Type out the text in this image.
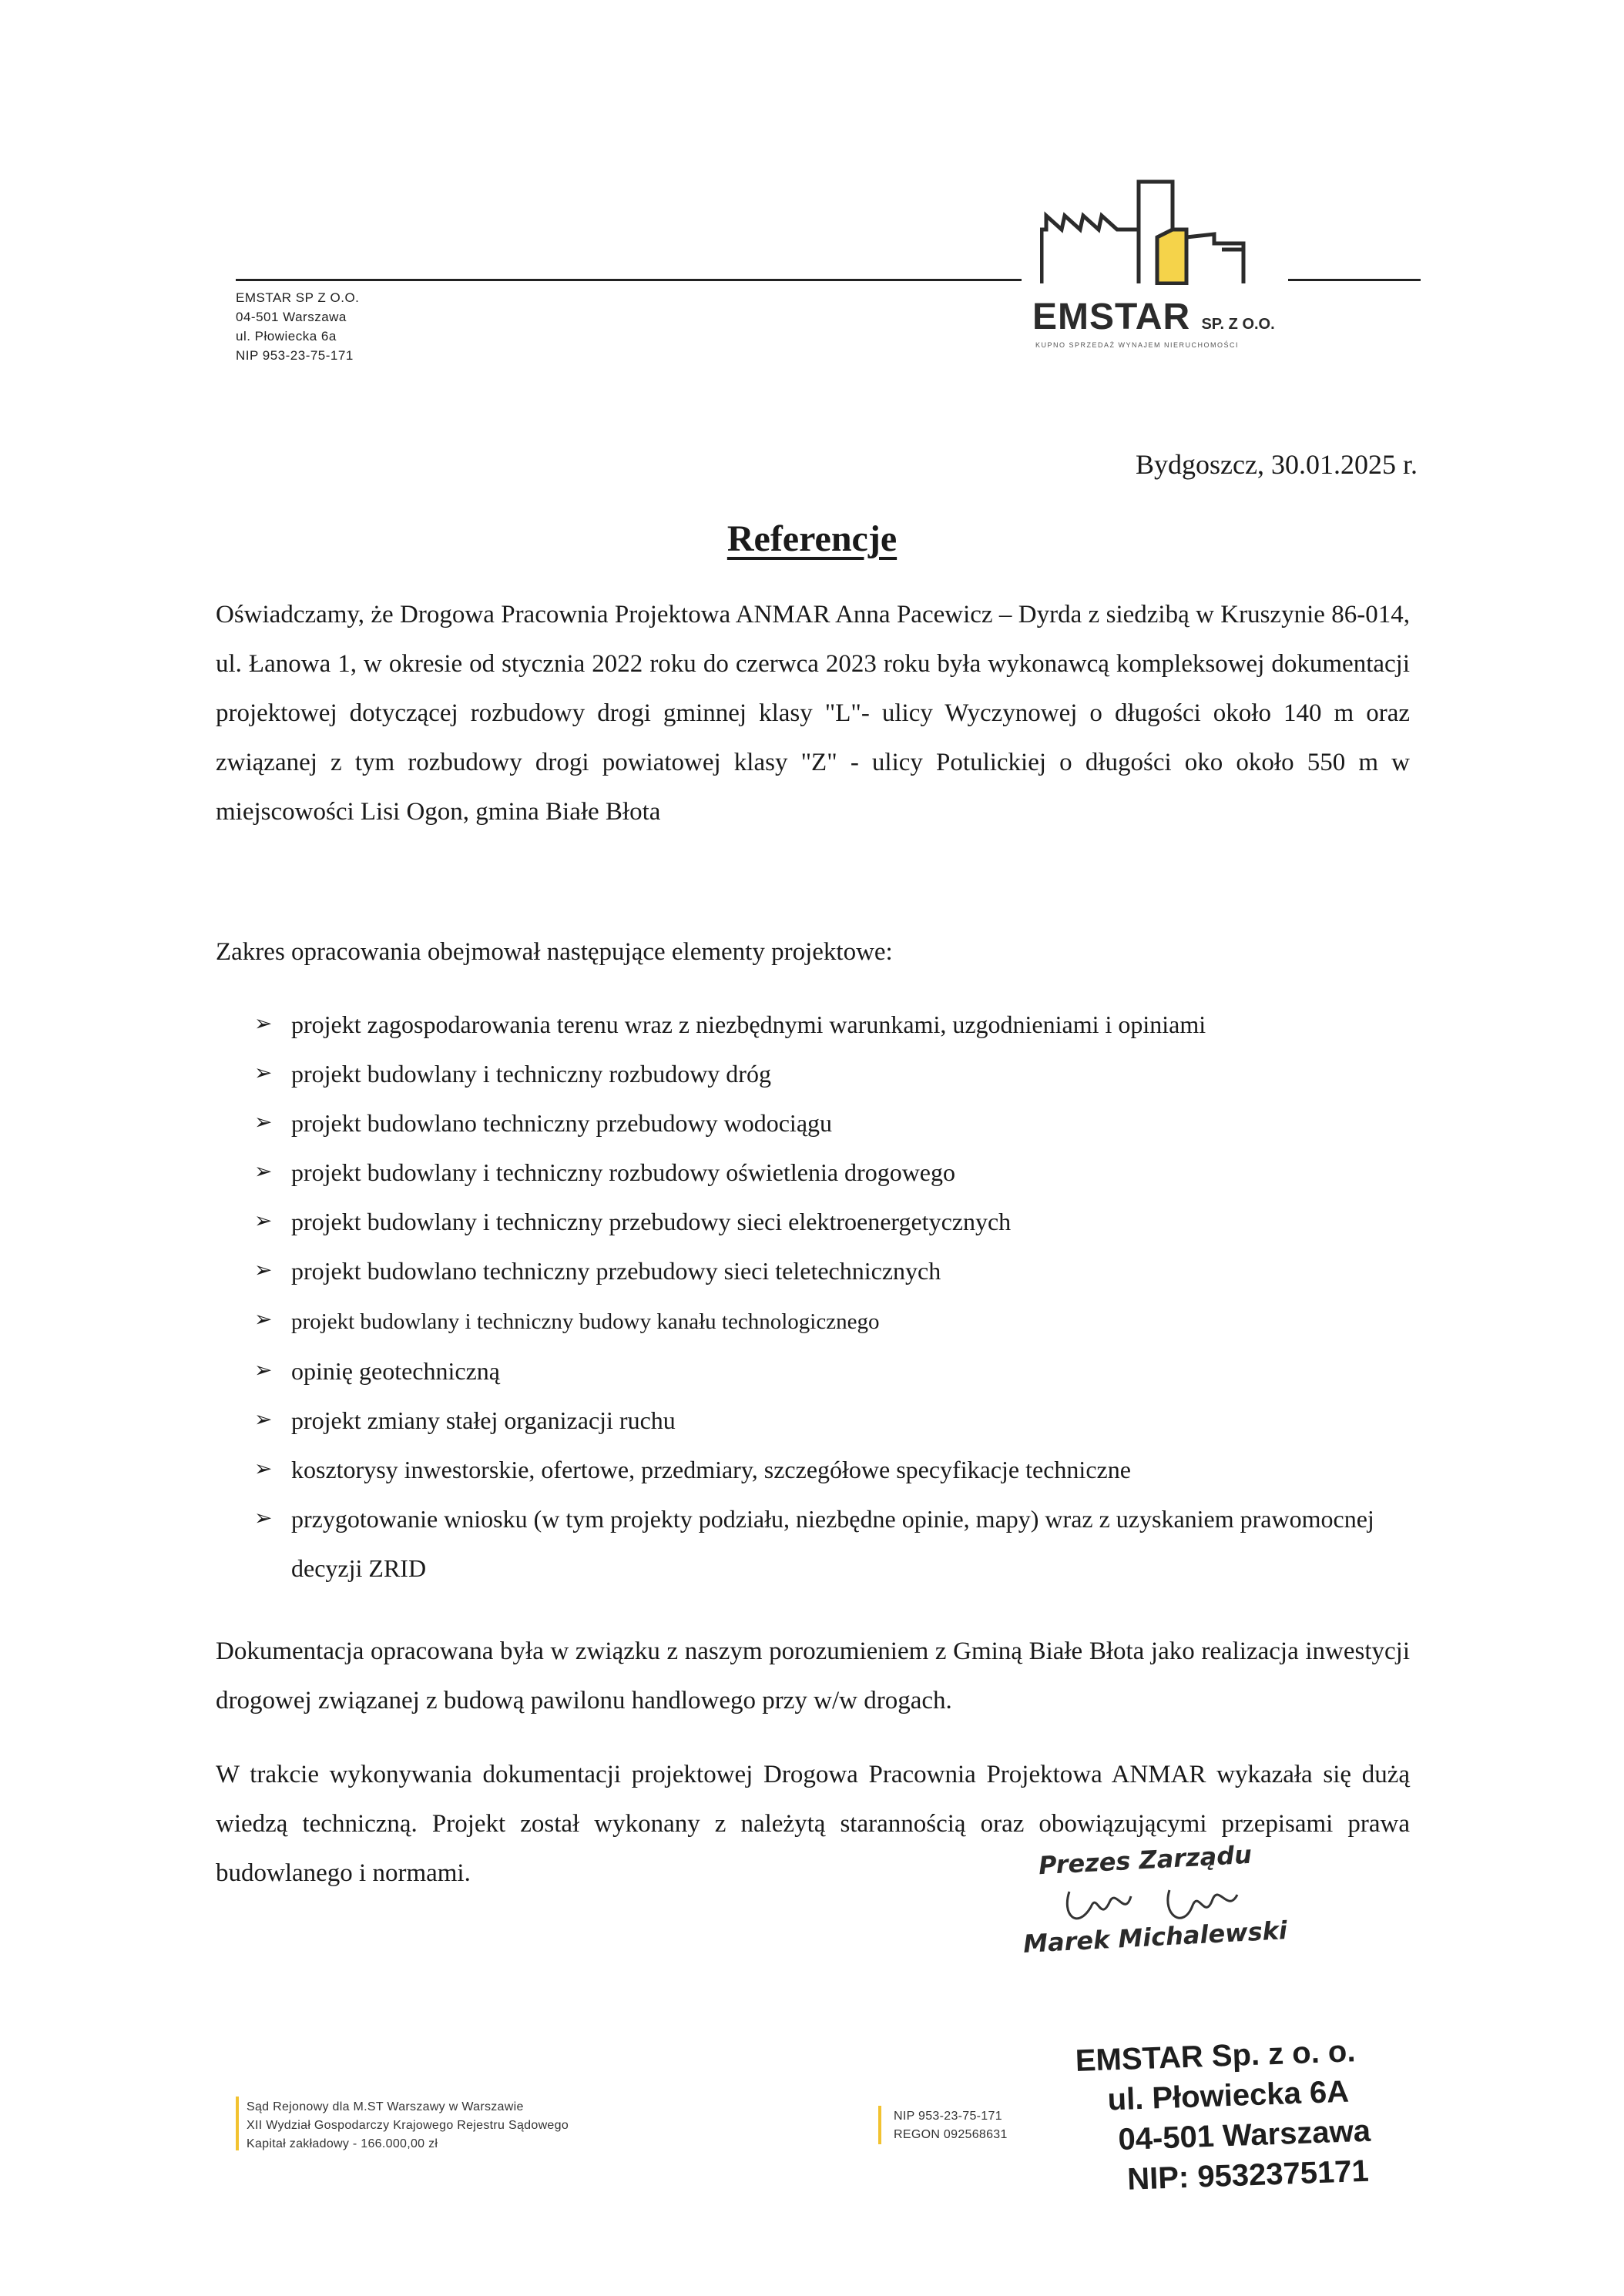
EMSTAR SP Z O.O.
04-501 Warszawa
ul. Płowiecka 6a
NIP 953-23-75-171
EMSTAR SP. Z O.O.
KUPNO SPRZEDAŻ WYNAJEM NIERUCHOMOŚCI
Bydgoszcz, 30.01.2025 r.
Referencje
Oświadczamy, że Drogowa Pracownia Projektowa ANMAR Anna Pacewicz – Dyrda z siedzibą w Kruszynie 86-014, ul. Łanowa 1, w okresie od stycznia 2022 roku do czerwca 2023 roku była wykonawcą kompleksowej dokumentacji projektowej dotyczącej rozbudowy drogi gminnej klasy "L"- ulicy Wyczynowej o długości około 140 m oraz związanej z tym rozbudowy drogi powiatowej klasy "Z" - ulicy Potulickiej o długości oko około 550 m w miejscowości Lisi Ogon, gmina Białe Błota
Zakres opracowania obejmował następujące elementy projektowe:
➢ projekt zagospodarowania terenu wraz z niezbędnymi warunkami, uzgodnieniami i opiniami
➢ projekt budowlany i techniczny rozbudowy dróg
➢ projekt budowlano techniczny przebudowy wodociągu
➢ projekt budowlany i techniczny rozbudowy oświetlenia drogowego
➢ projekt budowlany i techniczny przebudowy sieci elektroenergetycznych
➢ projekt budowlano techniczny przebudowy sieci teletechnicznych
➢ projekt budowlany i techniczny budowy kanału technologicznego
➢ opinię geotechniczną
➢ projekt zmiany stałej organizacji ruchu
➢ kosztorysy inwestorskie, ofertowe, przedmiary, szczegółowe specyfikacje techniczne
➢ przygotowanie wniosku (w tym projekty podziału, niezbędne opinie, mapy) wraz z uzyskaniem prawomocnej decyzji ZRID
Dokumentacja opracowana była w związku z naszym porozumieniem z Gminą Białe Błota jako realizacja inwestycji drogowej związanej z budową pawilonu handlowego przy w/w drogach.
W trakcie wykonywania dokumentacji projektowej Drogowa Pracownia Projektowa ANMAR wykazała się dużą wiedzą techniczną. Projekt został wykonany z należytą starannością oraz obowiązującymi przepisami prawa budowlanego i normami.	Prezes Zarządu
Marek Michalewski
Sąd Rejonowy dla M.ST Warszawy w Warszawie
XII Wydział Gospodarczy Krajowego Rejestru Sądowego
Kapitał zakładowy - 166.000,00 zł
NIP 953-23-75-171
REGON 092568631
EMSTAR Sp. z o. o.
ul. Płowiecka 6A
04-501 Warszawa
NIP: 9532375171
